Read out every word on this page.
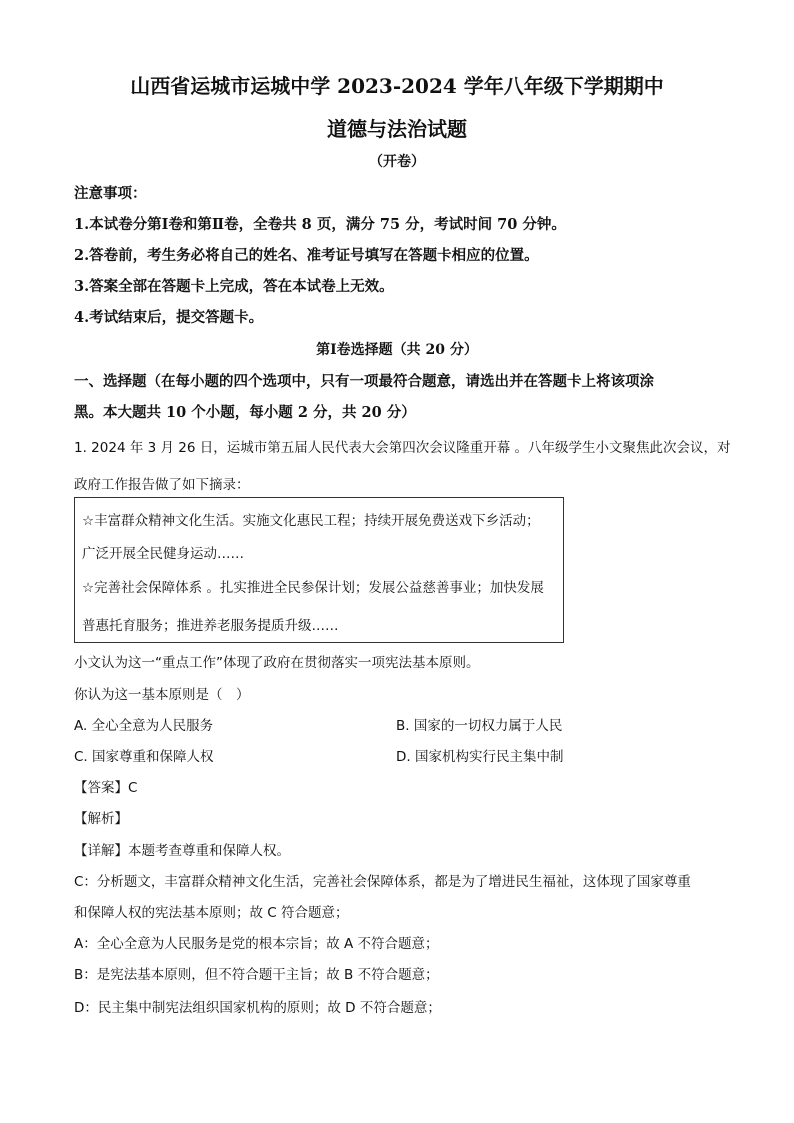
山西省运城市运城中学 2023-2024 学年八年级下学期期中
道德与法治试题
（开卷）
注意事项：
1.本试卷分第Ⅰ卷和第Ⅱ卷，全卷共 8 页，满分 75 分，考试时间 70 分钟。
2.答卷前，考生务必将自己的姓名、准考证号填写在答题卡相应的位置。
3.答案全部在答题卡上完成，答在本试卷上无效。
4.考试结束后，提交答题卡。
第Ⅰ卷选择题（共 20 分）
一、选择题（在每小题的四个选项中，只有一项最符合题意，请选出并在答题卡上将该项涂
黑。本大题共 10 个小题，每小题 2 分，共 20 分）
1. 2024 年 3 月 26 日，运城市第五届人民代表大会第四次会议隆重开幕 。八年级学生小文聚焦此次会议，对
政府工作报告做了如下摘录：
☆丰富群众精神文化生活。实施文化惠民工程；持续开展免费送戏下乡活动；
广泛开展全民健身运动……
☆完善社会保障体系 。扎实推进全民参保计划；发展公益慈善事业；加快发展
普惠托育服务；推进养老服务提质升级……
小文认为这一“重点工作”体现了政府在贯彻落实一项宪法基本原则。
你认为这一基本原则是（　）
A. 全心全意为人民服务	B. 国家的一切权力属于人民
C. 国家尊重和保障人权	D. 国家机构实行民主集中制
【答案】C
【解析】
【详解】本题考查尊重和保障人权。
C：分析题文，丰富群众精神文化生活，完善社会保障体系，都是为了增进民生福祉，这体现了国家尊重
和保障人权的宪法基本原则；故 C 符合题意；
A：全心全意为人民服务是党的根本宗旨；故 A 不符合题意；
B：是宪法基本原则，但不符合题干主旨；故 B 不符合题意；
D：民主集中制宪法组织国家机构的原则；故 D 不符合题意；
